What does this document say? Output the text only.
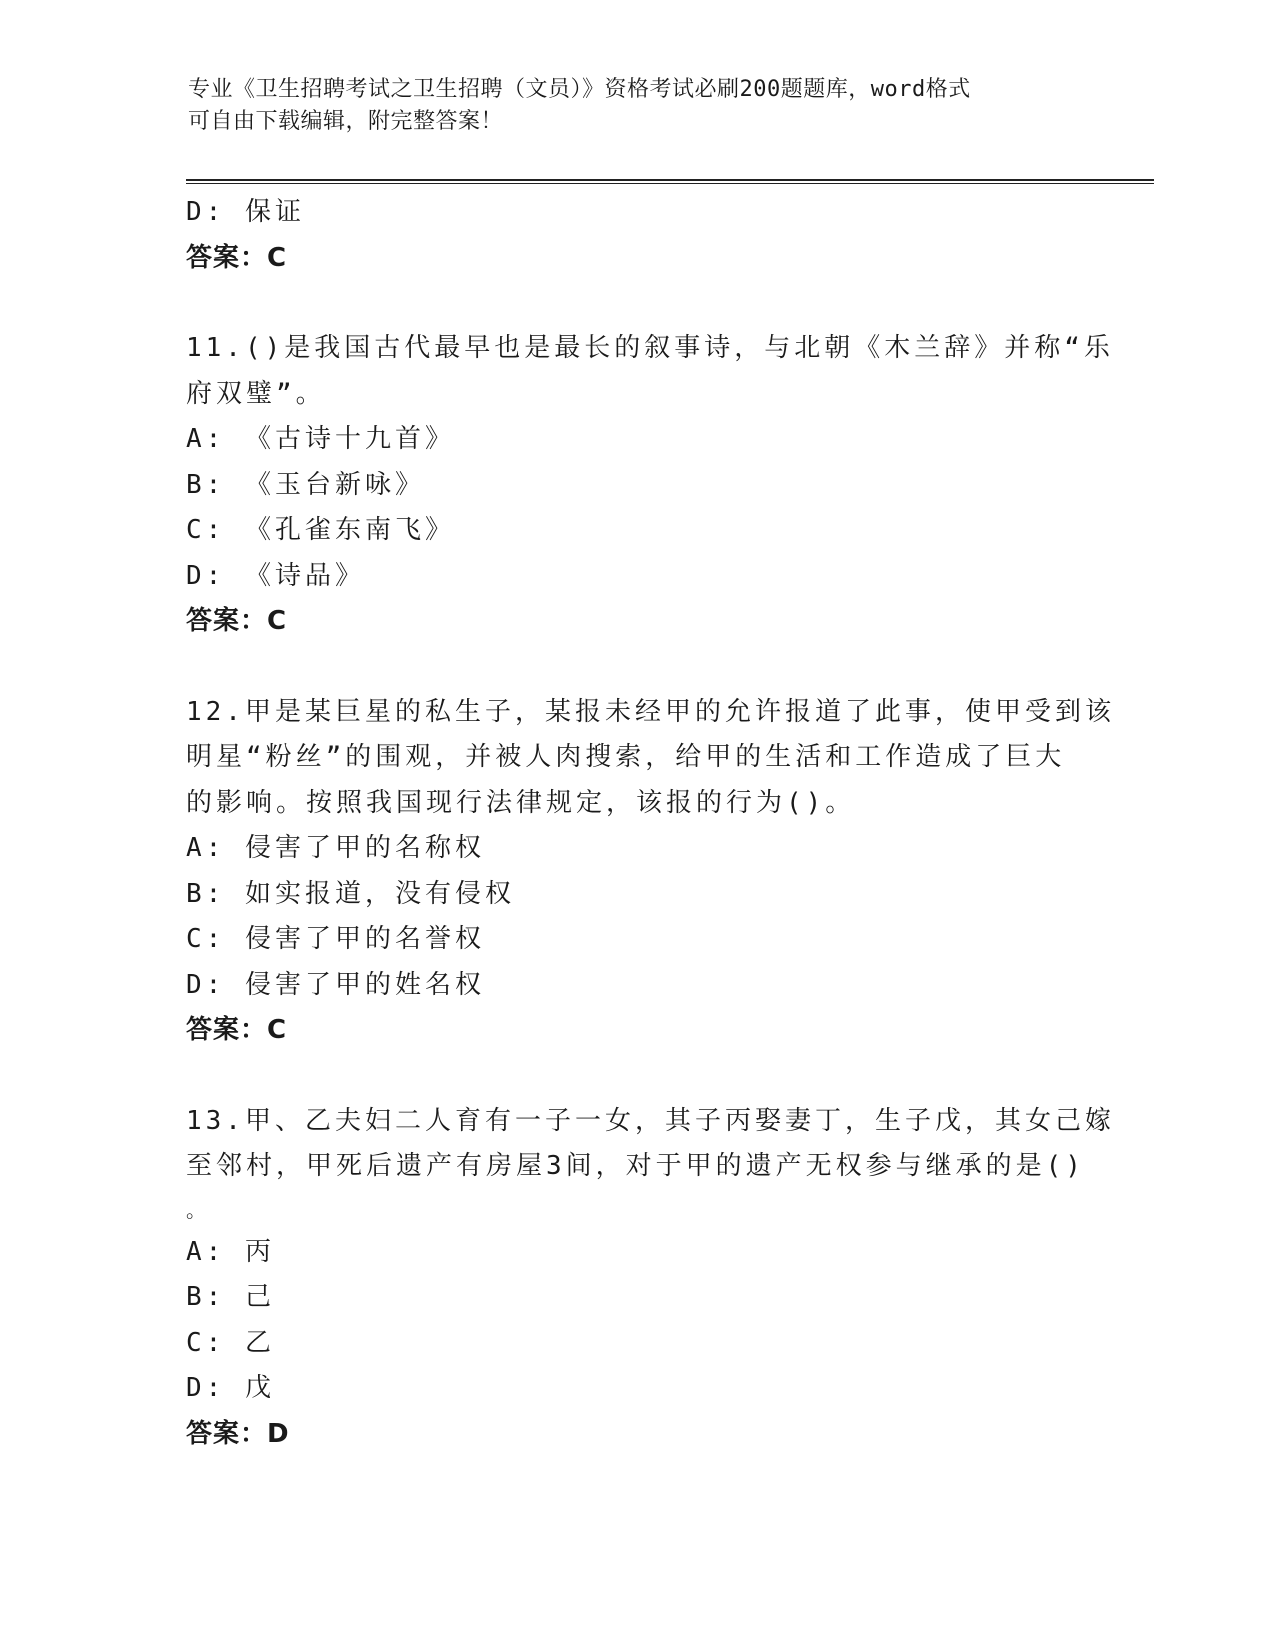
专业《卫生招聘考试之卫生招聘（文员）》资格考试必刷200题题库，word格式
可自由下载编辑，附完整答案！
D: 保证
答案：C
11.()是我国古代最早也是最长的叙事诗，与北朝《木兰辞》并称“乐
府双璧”。
A: 《古诗十九首》
B: 《玉台新咏》
C: 《孔雀东南飞》
D: 《诗品》
答案：C
12.甲是某巨星的私生子，某报未经甲的允许报道了此事，使甲受到该
明星“粉丝”的围观，并被人肉搜索，给甲的生活和工作造成了巨大
的影响。按照我国现行法律规定，该报的行为()。
A: 侵害了甲的名称权
B: 如实报道，没有侵权
C: 侵害了甲的名誉权
D: 侵害了甲的姓名权
答案：C
13.甲、乙夫妇二人育有一子一女，其子丙娶妻丁，生子戊，其女己嫁
至邻村，甲死后遗产有房屋3间，对于甲的遗产无权参与继承的是()
。
A: 丙
B: 己
C: 乙
D: 戊
答案：D
